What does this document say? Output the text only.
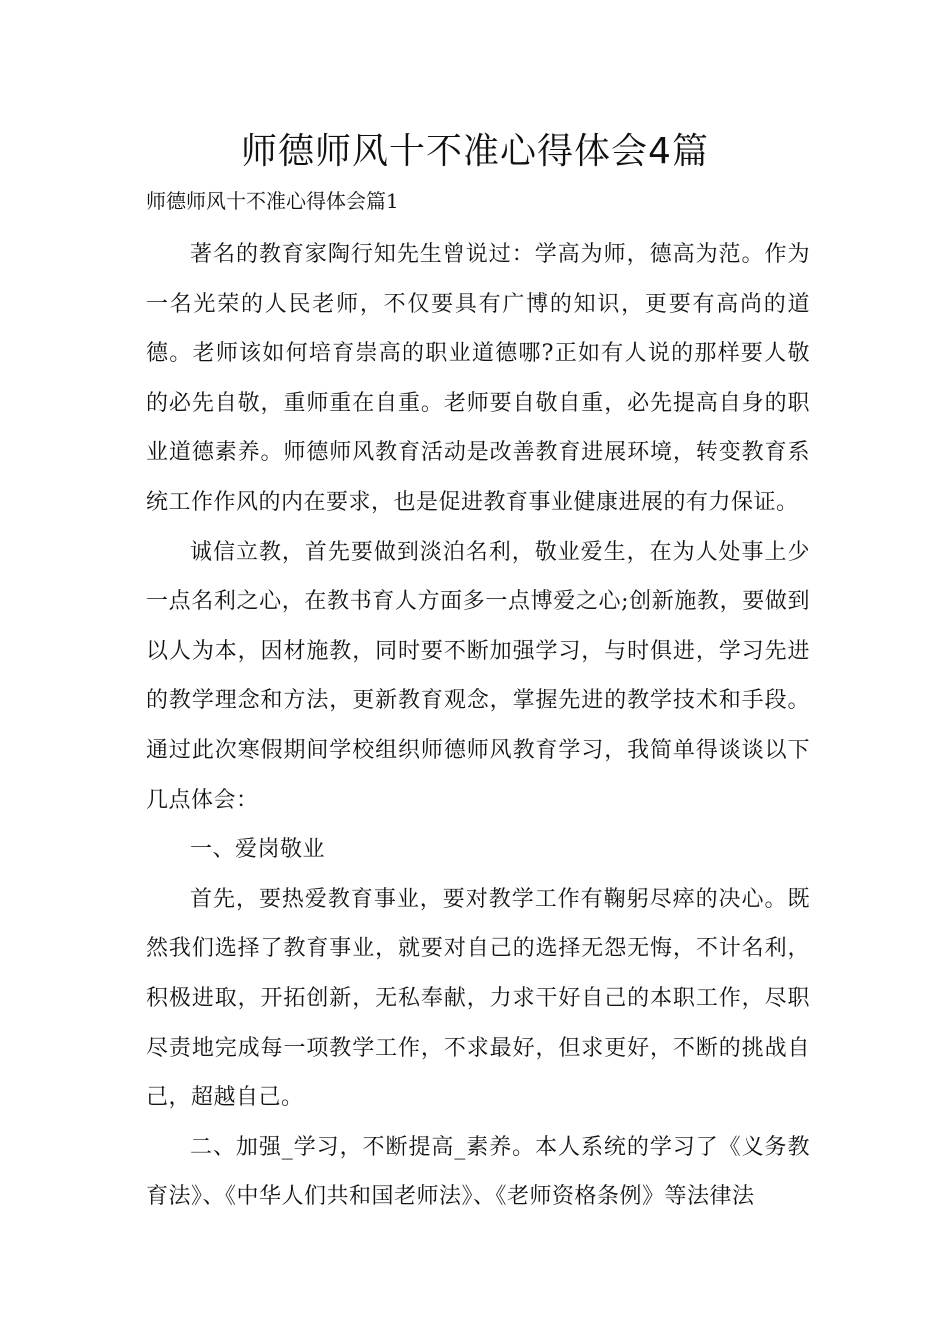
师德师风十不准心得体会4篇

师德师风十不准心得体会篇1

著名的教育家陶行知先生曾说过：学高为师，德高为范。作为一名光荣的人民老师，不仅要具有广博的知识，更要有高尚的道德。老师该如何培育崇高的职业道德哪?正如有人说的那样要人敬的必先自敬，重师重在自重。老师要自敬自重，必先提高自身的职业道德素养。师德师风教育活动是改善教育进展环境，转变教育系统工作作风的内在要求，也是促进教育事业健康进展的有力保证。

诚信立教，首先要做到淡泊名利，敬业爱生，在为人处事上少一点名利之心，在教书育人方面多一点博爱之心;创新施教，要做到以人为本，因材施教，同时要不断加强学习，与时俱进，学习先进的教学理念和方法，更新教育观念，掌握先进的教学技术和手段。通过此次寒假期间学校组织师德师风教育学习，我简单得谈谈以下几点体会：

一、爱岗敬业

首先，要热爱教育事业，要对教学工作有鞠躬尽瘁的决心。既然我们选择了教育事业，就要对自己的选择无怨无悔，不计名利，积极进取，开拓创新，无私奉献，力求干好自己的本职工作，尽职尽责地完成每一项教学工作，不求最好，但求更好，不断的挑战自己，超越自己。

二、加强_学习，不断提高_素养。本人系统的学习了《义务教育法》、《中华人们共和国老师法》、《老师资格条例》等法律法
